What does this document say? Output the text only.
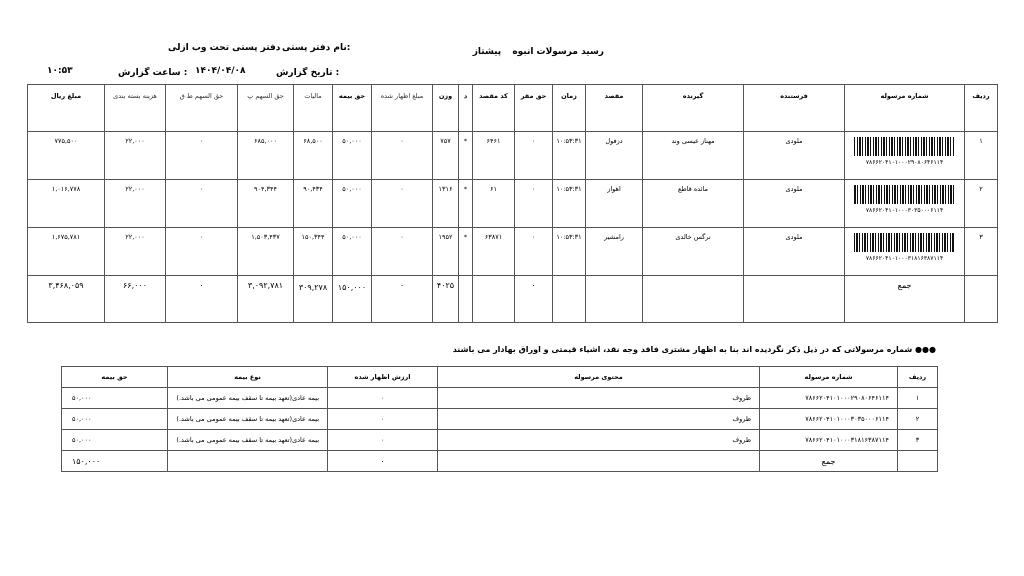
رسید مرسولات انبوه پیشتاز
نام دفتر پستی:
دفتر پستی تحت وب ازلی
تاریخ گزارش :
۱۴۰۴/۰۴/۰۸
ساعت گزارش :
۱۰:۵۳
ردیف	شماره مرسوله	فرستنده	گیرنده	مقصد	زمان	حق مقر	کد مقصد	د	وزن	مبلغ اظهار شده	حق بیمه	مالیات	حق السهم پ	حق السهم ط ق	هزینه بسته بندی	مبلغ ریال
۱	۷۸۶۶۲۰۴۱۰۱۰۰۰۲۹۰۸۰۶۴۶۱۱۴	ملودی	مهناز عیسی وند	دزفول	۱۰:۵۳:۳۱	۰	۶۴۶۱	*	۷۵۷	۰	۵۰,۰۰۰	۶۸,۵۰۰	۶۸۵,۰۰۰	۰	۲۲,۰۰۰	۷۷۵,۵۰۰
۲	۷۸۶۶۲۰۴۱۰۱۰۰۰۳۰۳۵۰۰۰۶۱۱۴	ملودی	مائده قاطع	اهواز	۱۰:۵۳:۳۱	۰	۶۱	*	۱۳۱۶	۰	۵۰,۰۰۰	۹۰,۴۳۴	۹۰۴,۳۴۴	۰	۲۲,۰۰۰	۱,۰۱۶,۷۷۸
۳	۷۸۶۶۲۰۴۱۰۱۰۰۰۳۱۸۱۶۳۸۷۱۱۴	ملودی	نرگس خالدی	رامشیر	۱۰:۵۳:۳۱	۰	۶۳۸۷۱	*	۱۹۵۲	۰	۵۰,۰۰۰	۱۵۰,۳۴۴	۱,۵۰۳,۴۳۷	۰	۲۲,۰۰۰	۱,۶۷۵,۷۸۱
	جمع					۰			۴۰۲۵	۰	۱۵۰,۰۰۰	۳۰۹,۲۷۸	۳,۰۹۲,۷۸۱	۰	۶۶,۰۰۰	۳,۴۶۸,۰۵۹
●●● شماره مرسولاتی که در ذیل ذکر نگردیده اند بنا به اظهار مشتری فاقد وجه نقد، اشیاء قیمتی و اوراق بهادار می باشند
ردیف	شماره مرسوله	محتوی مرسوله	ارزش اظهار شده	نوع بیمه	حق بیمه
۱	۷۸۶۶۲۰۴۱۰۱۰۰۰۲۹۰۸۰۶۴۶۱۱۴	ظروف	۰	بیمه عادی(تعهد بیمه تا سقف بیمه عمومی می باشد.)	۵۰,۰۰۰
۲	۷۸۶۶۲۰۴۱۰۱۰۰۰۳۰۳۵۰۰۰۶۱۱۴	ظروف	۰	بیمه عادی(تعهد بیمه تا سقف بیمه عمومی می باشد.)	۵۰,۰۰۰
۳	۷۸۶۶۲۰۴۱۰۱۰۰۰۳۱۸۱۶۳۸۷۱۱۴	ظروف	۰	بیمه عادی(تعهد بیمه تا سقف بیمه عمومی می باشد.)	۵۰,۰۰۰
	جمع		۰		۱۵۰,۰۰۰
